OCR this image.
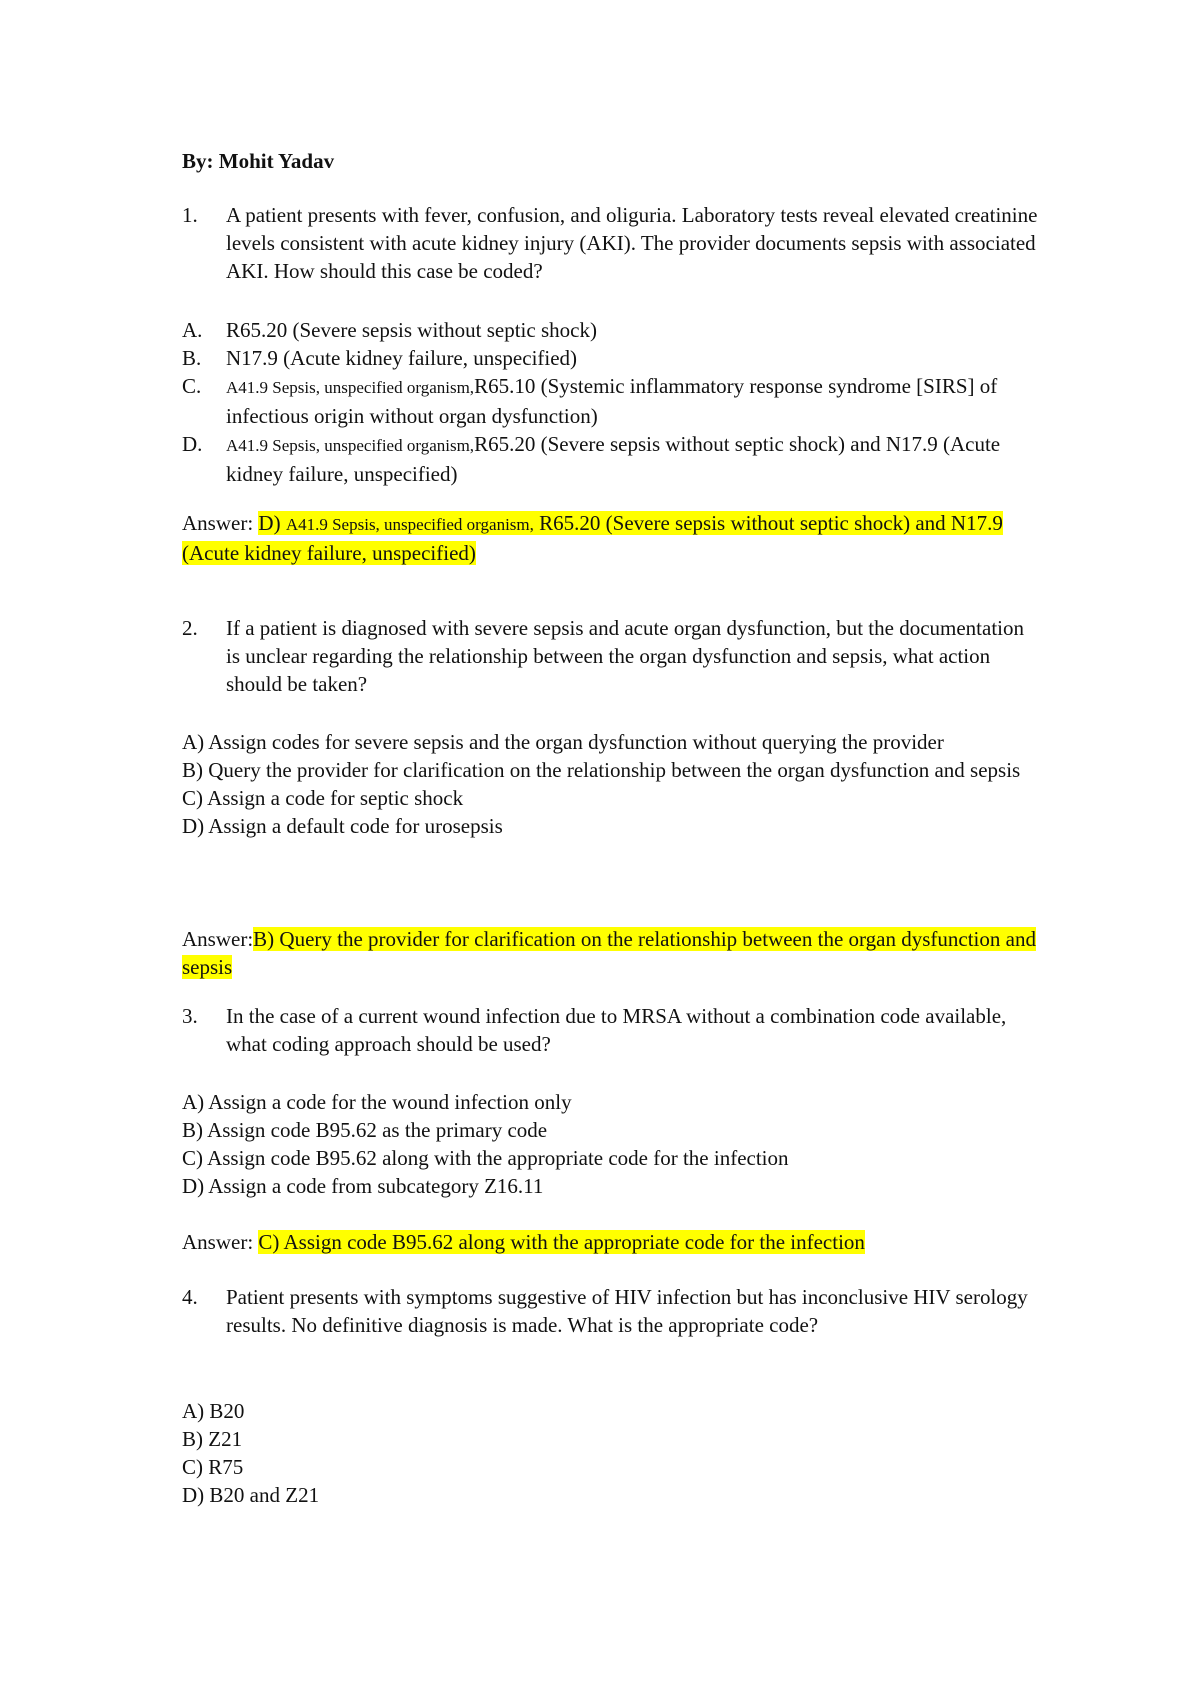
By: Mohit Yadav
1. A patient presents with fever, confusion, and oliguria. Laboratory tests reveal elevated creatinine levels consistent with acute kidney injury (AKI). The provider documents sepsis with associated AKI. How should this case be coded?
A. R65.20 (Severe sepsis without septic shock)
B. N17.9 (Acute kidney failure, unspecified)
C. A41.9 Sepsis, unspecified organism,R65.10 (Systemic inflammatory response syndrome [SIRS] of infectious origin without organ dysfunction)
D. A41.9 Sepsis, unspecified organism,R65.20 (Severe sepsis without septic shock) and N17.9 (Acute kidney failure, unspecified)
Answer: D) A41.9 Sepsis, unspecified organism, R65.20 (Severe sepsis without septic shock) and N17.9 (Acute kidney failure, unspecified)
2. If a patient is diagnosed with severe sepsis and acute organ dysfunction, but the documentation is unclear regarding the relationship between the organ dysfunction and sepsis, what action should be taken?
A) Assign codes for severe sepsis and the organ dysfunction without querying the provider
B) Query the provider for clarification on the relationship between the organ dysfunction and sepsis
C) Assign a code for septic shock
D) Assign a default code for urosepsis
Answer:B) Query the provider for clarification on the relationship between the organ dysfunction and sepsis
3. In the case of a current wound infection due to MRSA without a combination code available, what coding approach should be used?
A) Assign a code for the wound infection only
B) Assign code B95.62 as the primary code
C) Assign code B95.62 along with the appropriate code for the infection
D) Assign a code from subcategory Z16.11
Answer: C) Assign code B95.62 along with the appropriate code for the infection
4. Patient presents with symptoms suggestive of HIV infection but has inconclusive HIV serology results. No definitive diagnosis is made. What is the appropriate code?
A) B20
B) Z21
C) R75
D) B20 and Z21
